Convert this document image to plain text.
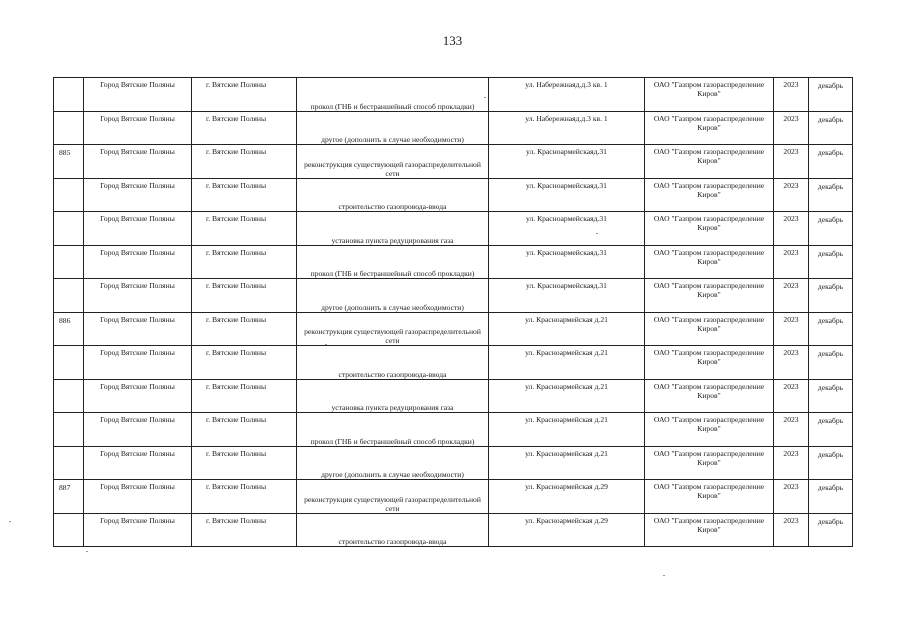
133

	Город Вятские Поляны	г. Вятские Поляны	прокол (ГНБ и бестраншейный способ прокладки)	ул. Набережнаяд.д.3 кв. 1	ОАО "Газпром газораспределение Киров"	2023	декабрь

	Город Вятские Поляны	г. Вятские Поляны	другое (дополнить в случае необходимости)	ул. Набережнаяд.д.3 кв. 1	ОАО "Газпром газораспределение Киров"	2023	декабрь

885	Город Вятские Поляны	г. Вятские Поляны	реконструкция существующей газораспределительной сети	ул. Красноармейскаяд.31	ОАО "Газпром газораспределение Киров"	2023	декабрь

	Город Вятские Поляны	г. Вятские Поляны	строительство газопровода-ввода	ул. Красноармейскаяд.31	ОАО "Газпром газораспределение Киров"	2023	декабрь

	Город Вятские Поляны	г. Вятские Поляны	установка пункта редуцирования газа	ул. Красноармейскаяд.31	ОАО "Газпром газораспределение Киров"	2023	декабрь

	Город Вятские Поляны	г. Вятские Поляны	прокол (ГНБ и бестраншейный способ прокладки)	ул. Красноармейскаяд.31	ОАО "Газпром газораспределение Киров"	2023	декабрь

	Город Вятские Поляны	г. Вятские Поляны	другое (дополнить в случае необходимости)	ул. Красноармейскаяд.31	ОАО "Газпром газораспределение Киров"	2023	декабрь

886	Город Вятские Поляны	г. Вятские Поляны	реконструкция существующей газораспределительной сети	ул. Красноармейская д.21	ОАО "Газпром газораспределение Киров"	2023	декабрь

	Город Вятские Поляны	г. Вятские Поляны	строительство газопровода-ввода	ул. Красноармейская д.21	ОАО "Газпром газораспределение Киров"	2023	декабрь

	Город Вятские Поляны	г. Вятские Поляны	установка пункта редуцирования газа	ул. Красноармейская д.21	ОАО "Газпром газораспределение Киров"	2023	декабрь

	Город Вятские Поляны	г. Вятские Поляны	прокол (ГНБ и бестраншейный способ прокладки)	ул. Красноармейская д.21	ОАО "Газпром газораспределение Киров"	2023	декабрь

	Город Вятские Поляны	г. Вятские Поляны	другое (дополнить в случае необходимости)	ул. Красноармейская д.21	ОАО "Газпром газораспределение Киров"	2023	декабрь

887	Город Вятские Поляны	г. Вятские Поляны	реконструкция существующей газораспределительной сети	ул. Красноармейская д.29	ОАО "Газпром газораспределение Киров"	2023	декабрь

	Город Вятские Поляны	г. Вятские Поляны	строительство газопровода-ввода	ул. Красноармейская д.29	ОАО "Газпром газораспределение Киров"	2023	декабрь
